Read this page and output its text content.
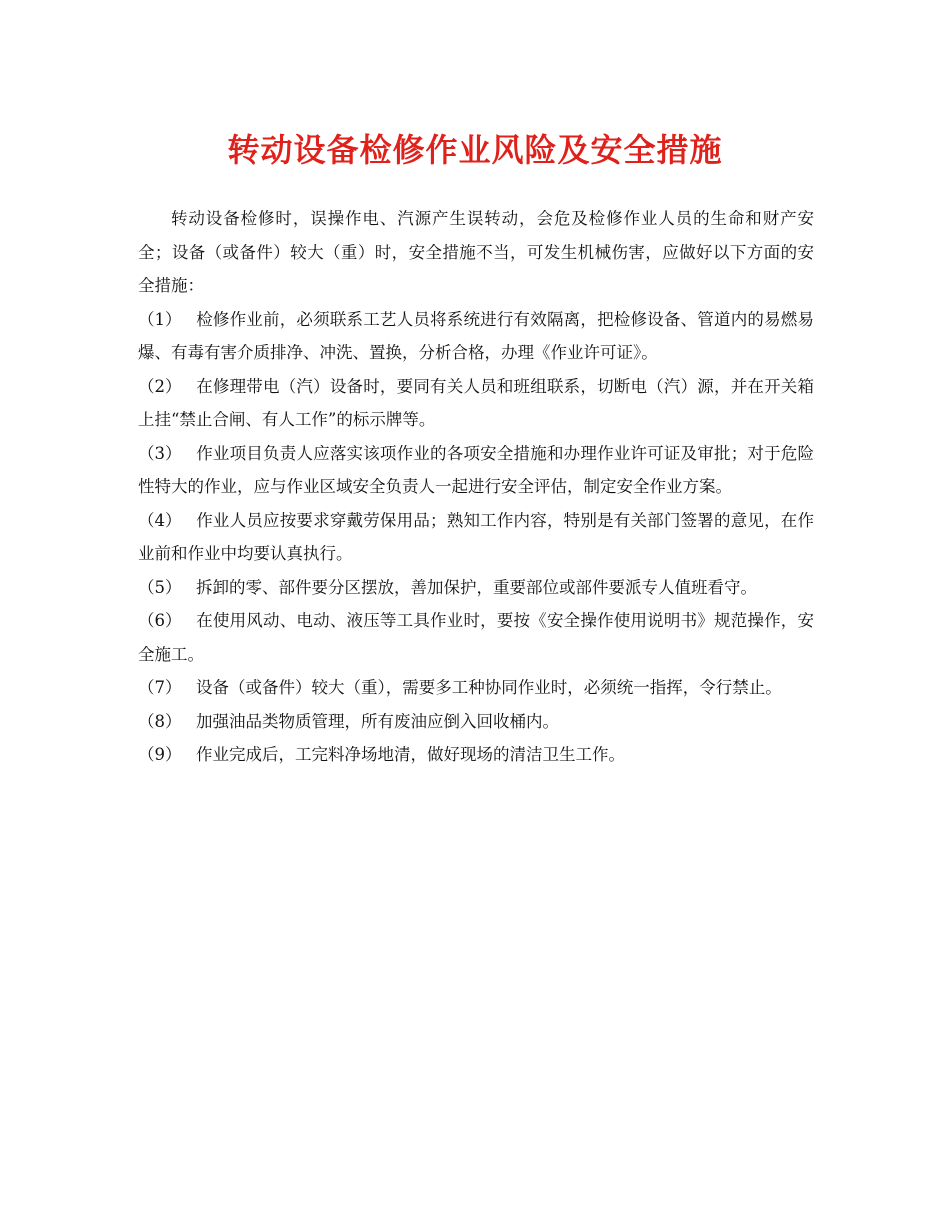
转动设备检修作业风险及安全措施

转动设备检修时，误操作电、汽源产生误转动，会危及检修作业人员的生命和财产安全；设备（或备件）较大（重）时，安全措施不当，可发生机械伤害，应做好以下方面的安全措施：

（1） 检修作业前，必须联系工艺人员将系统进行有效隔离，把检修设备、管道内的易燃易爆、有毒有害介质排净、冲洗、置换，分析合格，办理《作业许可证》。

（2） 在修理带电（汽）设备时，要同有关人员和班组联系，切断电（汽）源，并在开关箱上挂“禁止合闸、有人工作”的标示牌等。

（3） 作业项目负责人应落实该项作业的各项安全措施和办理作业许可证及审批；对于危险性特大的作业，应与作业区域安全负责人一起进行安全评估，制定安全作业方案。

（4） 作业人员应按要求穿戴劳保用品；熟知工作内容，特别是有关部门签署的意见，在作业前和作业中均要认真执行。

（5） 拆卸的零、部件要分区摆放，善加保护，重要部位或部件要派专人值班看守。

（6） 在使用风动、电动、液压等工具作业时，要按《安全操作使用说明书》规范操作，安全施工。

（7） 设备（或备件）较大（重），需要多工种协同作业时，必须统一指挥，令行禁止。

（8） 加强油品类物质管理，所有废油应倒入回收桶内。

（9） 作业完成后，工完料净场地清，做好现场的清洁卫生工作。
